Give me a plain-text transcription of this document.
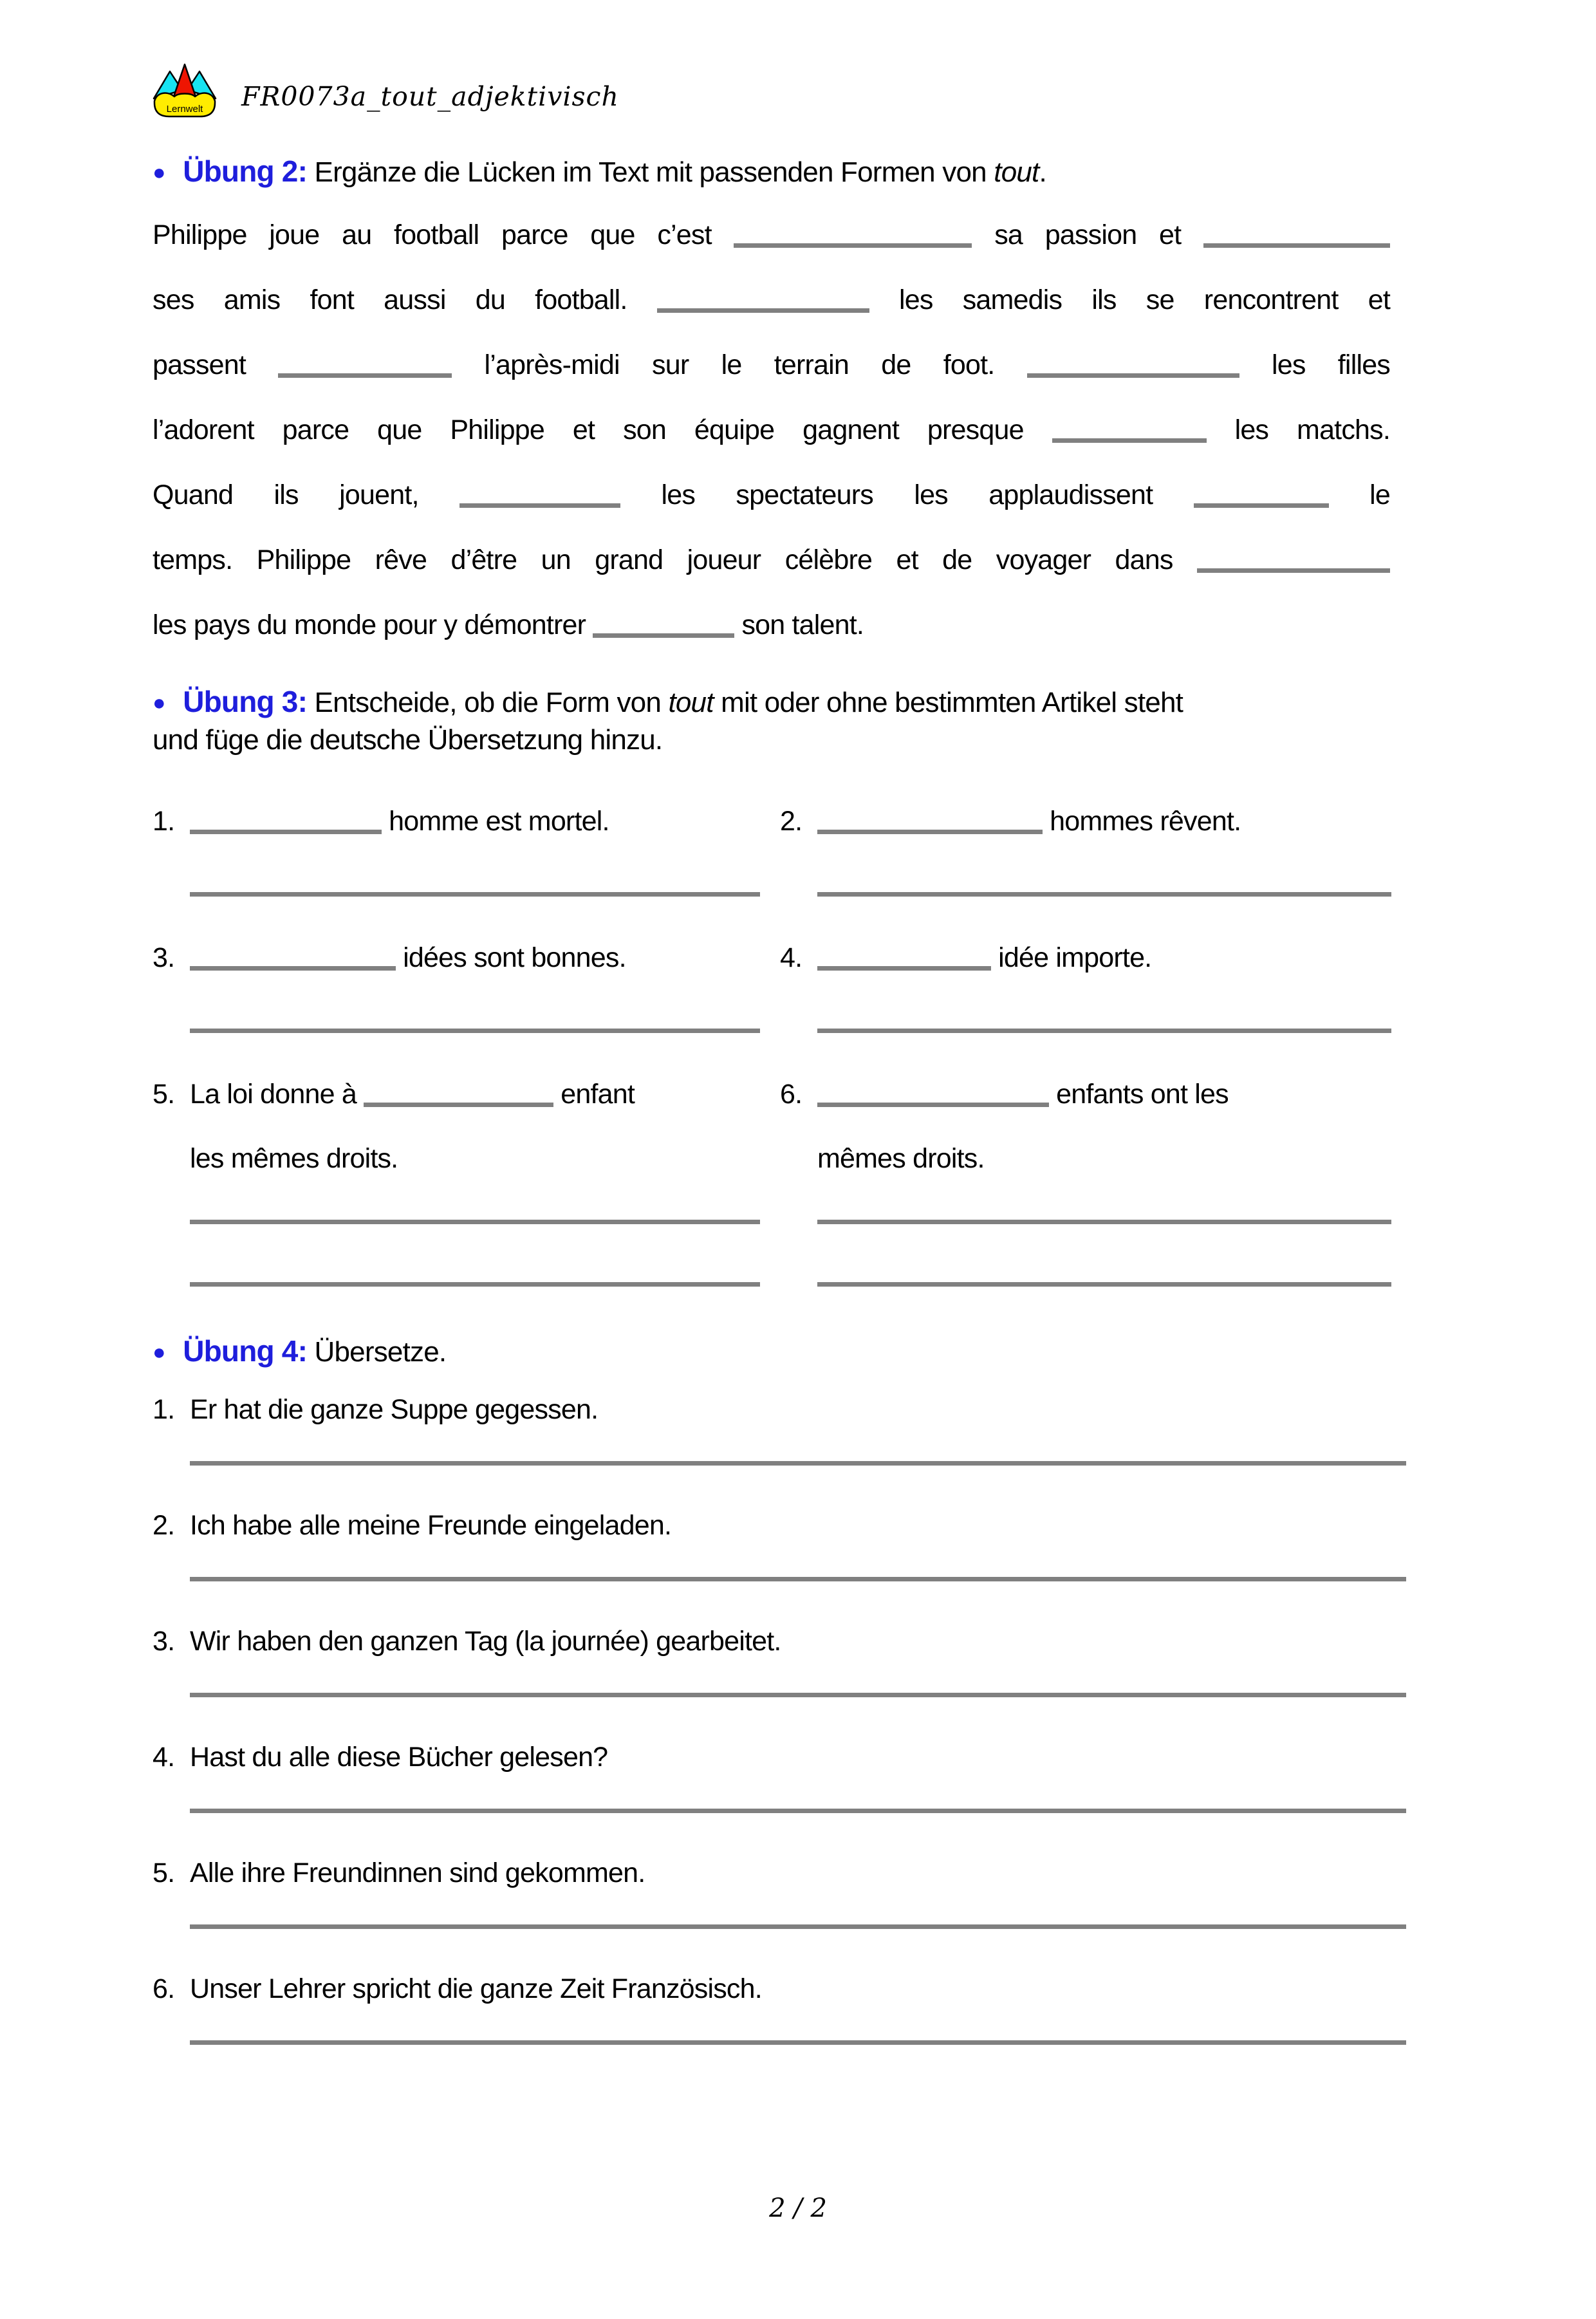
Lernwelt FR0073a_tout_adjektivisch
● Übung 2: Ergänze die Lücken im Text mit passenden Formen von tout.
Philippe joue au football parce que c’est	sa passion et
ses amis font aussi du football.	les samedis ils se rencontrent et
passent	l’après-midi sur le terrain de foot.	les filles
l’adorent parce que Philippe et son équipe gagnent presque	les matchs.
Quand ils jouent,	les spectateurs les applaudissent	le
temps. Philippe rêve d’être un grand joueur célèbre et de voyager dans
les pays du monde pour y démontrer	son talent.
● Übung 3: Entscheide, ob die Form von tout mit oder ohne bestimmten Artikel steht
und füge die deutsche Übersetzung hinzu.
1.	homme est mortel.	2.	hommes rêvent.
3.	idées sont bonnes.	4.	idée importe.
5. La loi donne à	enfant
les mêmes droits.
6.	enfants ont les
mêmes droits.
● Übung 4: Übersetze.
1. Er hat die ganze Suppe gegessen.
2. Ich habe alle meine Freunde eingeladen.
3. Wir haben den ganzen Tag (la journée) gearbeitet.
4. Hast du alle diese Bücher gelesen?
5. Alle ihre Freundinnen sind gekommen.
6. Unser Lehrer spricht die ganze Zeit Französisch.
2 / 2
